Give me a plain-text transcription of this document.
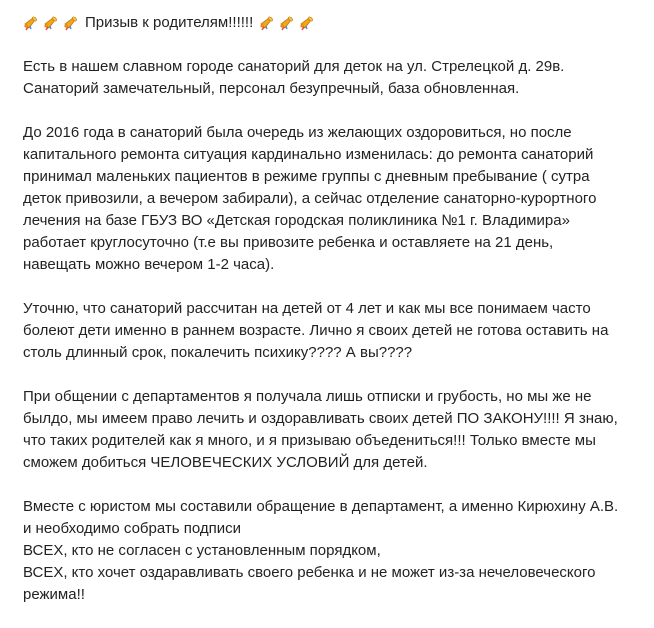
Призыв к родителям!!!!!!
Есть в нашем славном городе санаторий для деток на ул. Стрелецкой д. 29в.
Санаторий замечательный, персонал безупречный, база обновленная.
До 2016 года в санаторий была очередь из желающих оздоровиться, но после
капитального ремонта ситуация кардинально изменилась: до ремонта санаторий
принимал маленьких пациентов в режиме группы с дневным пребывание ( сутра
деток привозили, а вечером забирали), а сейчас отделение санаторно-курортного
лечения на базе ГБУЗ ВО «Детская городская поликлиника №1 г. Владимира»
работает круглосуточно (т.е вы привозите ребенка и оставляете на 21 день,
навещать можно вечером 1-2 часа).
Уточню, что санаторий рассчитан на детей от 4 лет и как мы все понимаем часто
болеют дети именно в раннем возрасте. Лично я своих детей не готова оставить на
столь длинный срок, покалечить психику???? А вы????
При общении с департаментов я получала лишь отписки и грубость, но мы же не
былдо, мы имеем право лечить и оздоравливать своих детей ПО ЗАКОНУ!!!! Я знаю,
что таких родителей как я много, и я призываю объедениться!!! Только вместе мы
сможем добиться ЧЕЛОВЕЧЕСКИХ УСЛОВИЙ для детей.
Вместе с юристом мы составили обращение в департамент, а именно Кирюхину А.В.
и необходимо собрать подписи
ВСЕХ, кто не согласен с установленным порядком,
ВСЕХ, кто хочет оздаравливать своего ребенка и не может из-за нечеловеческого
режима!!
